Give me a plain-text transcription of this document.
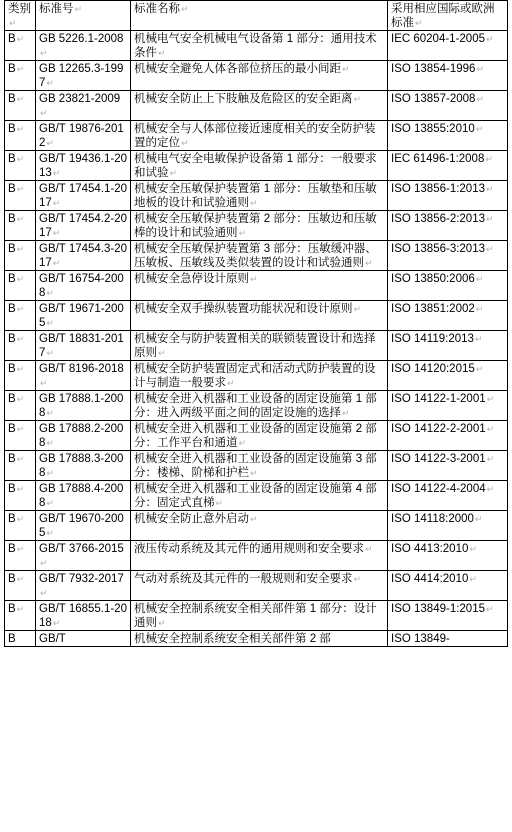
类别↵	标准号↵	标准名称↵	采用相应国际或欧洲标准↵
B↵	GB 5226.1-2008↵	机械电气安全机械电气设备第 1 部分：通用技术条件↵	IEC 60204-1-2005↵
B↵	GB 12265.3-1997↵	机械安全避免人体各部位挤压的最小间距↵	ISO 13854-1996↵
B↵	GB 23821-2009↵	机械安全防止上下肢触及危险区的安全距离↵	ISO 13857-2008↵
B↵	GB/T 19876-2012↵	机械安全与人体部位接近速度相关的安全防护装置的定位↵	ISO 13855:2010↵
B↵	GB/T 19436.1-2013↵	机械电气安全电敏保护设备第 1 部分：一般要求和试验↵	IEC 61496-1:2008↵
B↵	GB/T 17454.1-2017↵	机械安全压敏保护装置第 1 部分：压敏垫和压敏地板的设计和试验通则↵	ISO 13856-1:2013↵
B↵	GB/T 17454.2-2017↵	机械安全压敏保护装置第 2 部分：压敏边和压敏棒的设计和试验通则↵	ISO 13856-2:2013↵
B↵	GB/T 17454.3-2017↵	机械安全压敏保护装置第 3 部分：压敏缓冲器、压敏板、压敏线及类似装置的设计和试验通则↵	ISO 13856-3:2013↵
B↵	GB/T 16754-2008↵	机械安全急停设计原则↵	ISO 13850:2006↵
B↵	GB/T 19671-2005↵	机械安全双手操纵装置功能状况和设计原则↵	ISO 13851:2002↵
B↵	GB/T 18831-2017↵	机械安全与防护装置相关的联锁装置设计和选择原则↵	ISO 14119:2013↵
B↵	GB/T 8196-2018↵	机械安全防护装置固定式和活动式防护装置的设计与制造一般要求↵	ISO 14120:2015↵
B↵	GB 17888.1-2008↵	机械安全进入机器和工业设备的固定设施第 1 部分：进入两级平面之间的固定设施的选择↵	ISO 14122-1-2001↵
B↵	GB 17888.2-2008↵	机械安全进入机器和工业设备的固定设施第 2 部分：工作平台和通道↵	ISO 14122-2-2001↵
B↵	GB 17888.3-2008↵	机械安全进入机器和工业设备的固定设施第 3 部分：楼梯、阶梯和护栏↵	ISO 14122-3-2001↵
B↵	GB 17888.4-2008↵	机械安全进入机器和工业设备的固定设施第 4 部分：固定式直梯↵	ISO 14122-4-2004↵
B↵	GB/T 19670-2005↵	机械安全防止意外启动↵	ISO 14118:2000↵
B↵	GB/T 3766-2015↵	液压传动系统及其元件的通用规则和安全要求↵	ISO 4413:2010↵
B↵	GB/T 7932-2017↵	气动对系统及其元件的一般规则和安全要求↵	ISO 4414:2010↵
B↵	GB/T 16855.1-2018↵	机械安全控制系统安全相关部件第 1 部分：设计通则↵	ISO 13849-1:2015↵
B	GB/T	机械安全控制系统安全相关部件第 2 部	ISO 13849-
